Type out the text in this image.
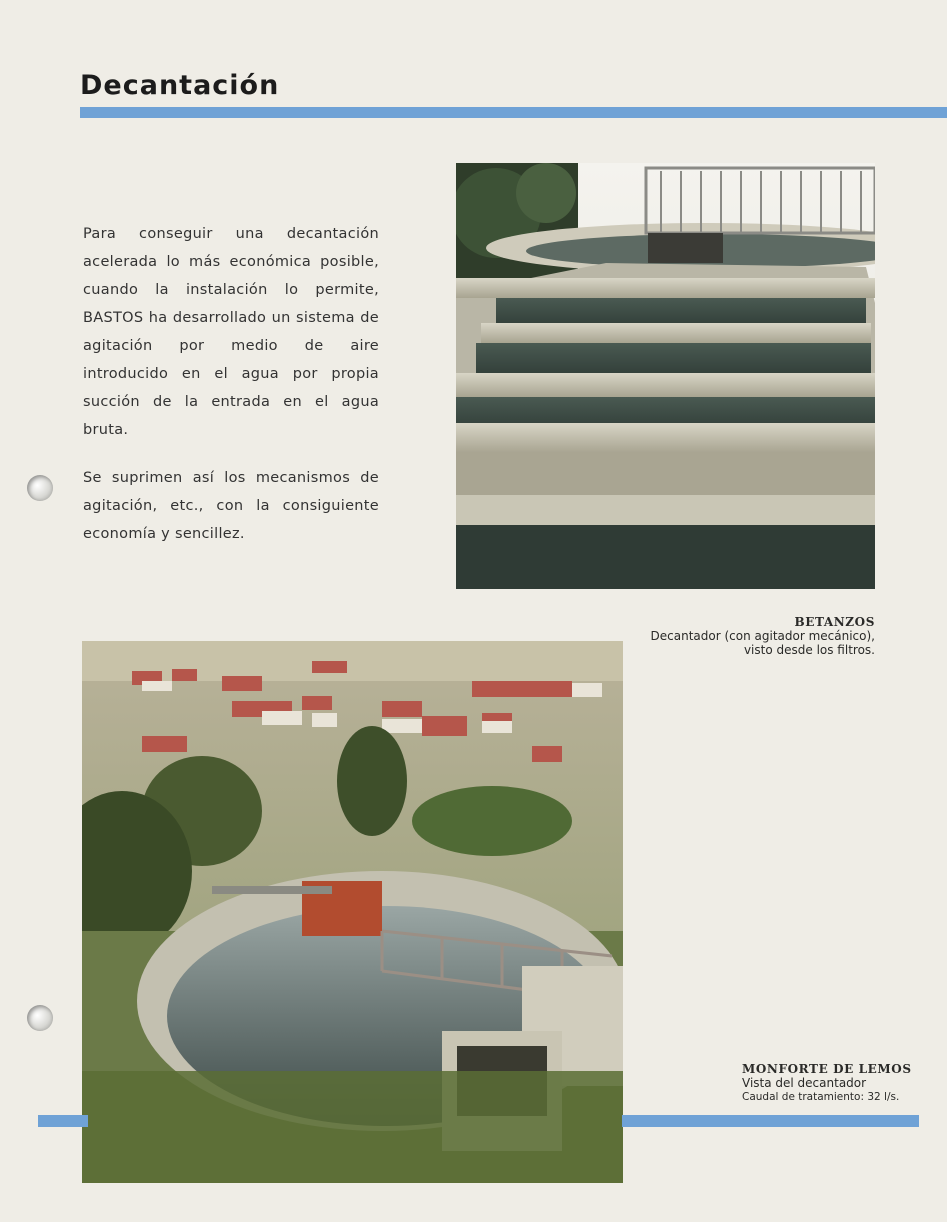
Decantación

Para conseguir una decantación acelerada lo más económica posible, cuando la instalación lo permite, BASTOS ha desarrollado un sistema de agitación por medio de aire introducido en el agua por propia succión de la entrada en el agua bruta.

Se suprimen así los mecanismos de agitación, etc., con la consiguiente economía y sencillez.

BETANZOS
Decantador (con agitador mecánico),
visto desde los filtros.
MONFORTE DE LEMOS
Vista del decantador
Caudal de tratamiento: 32 l/s.
